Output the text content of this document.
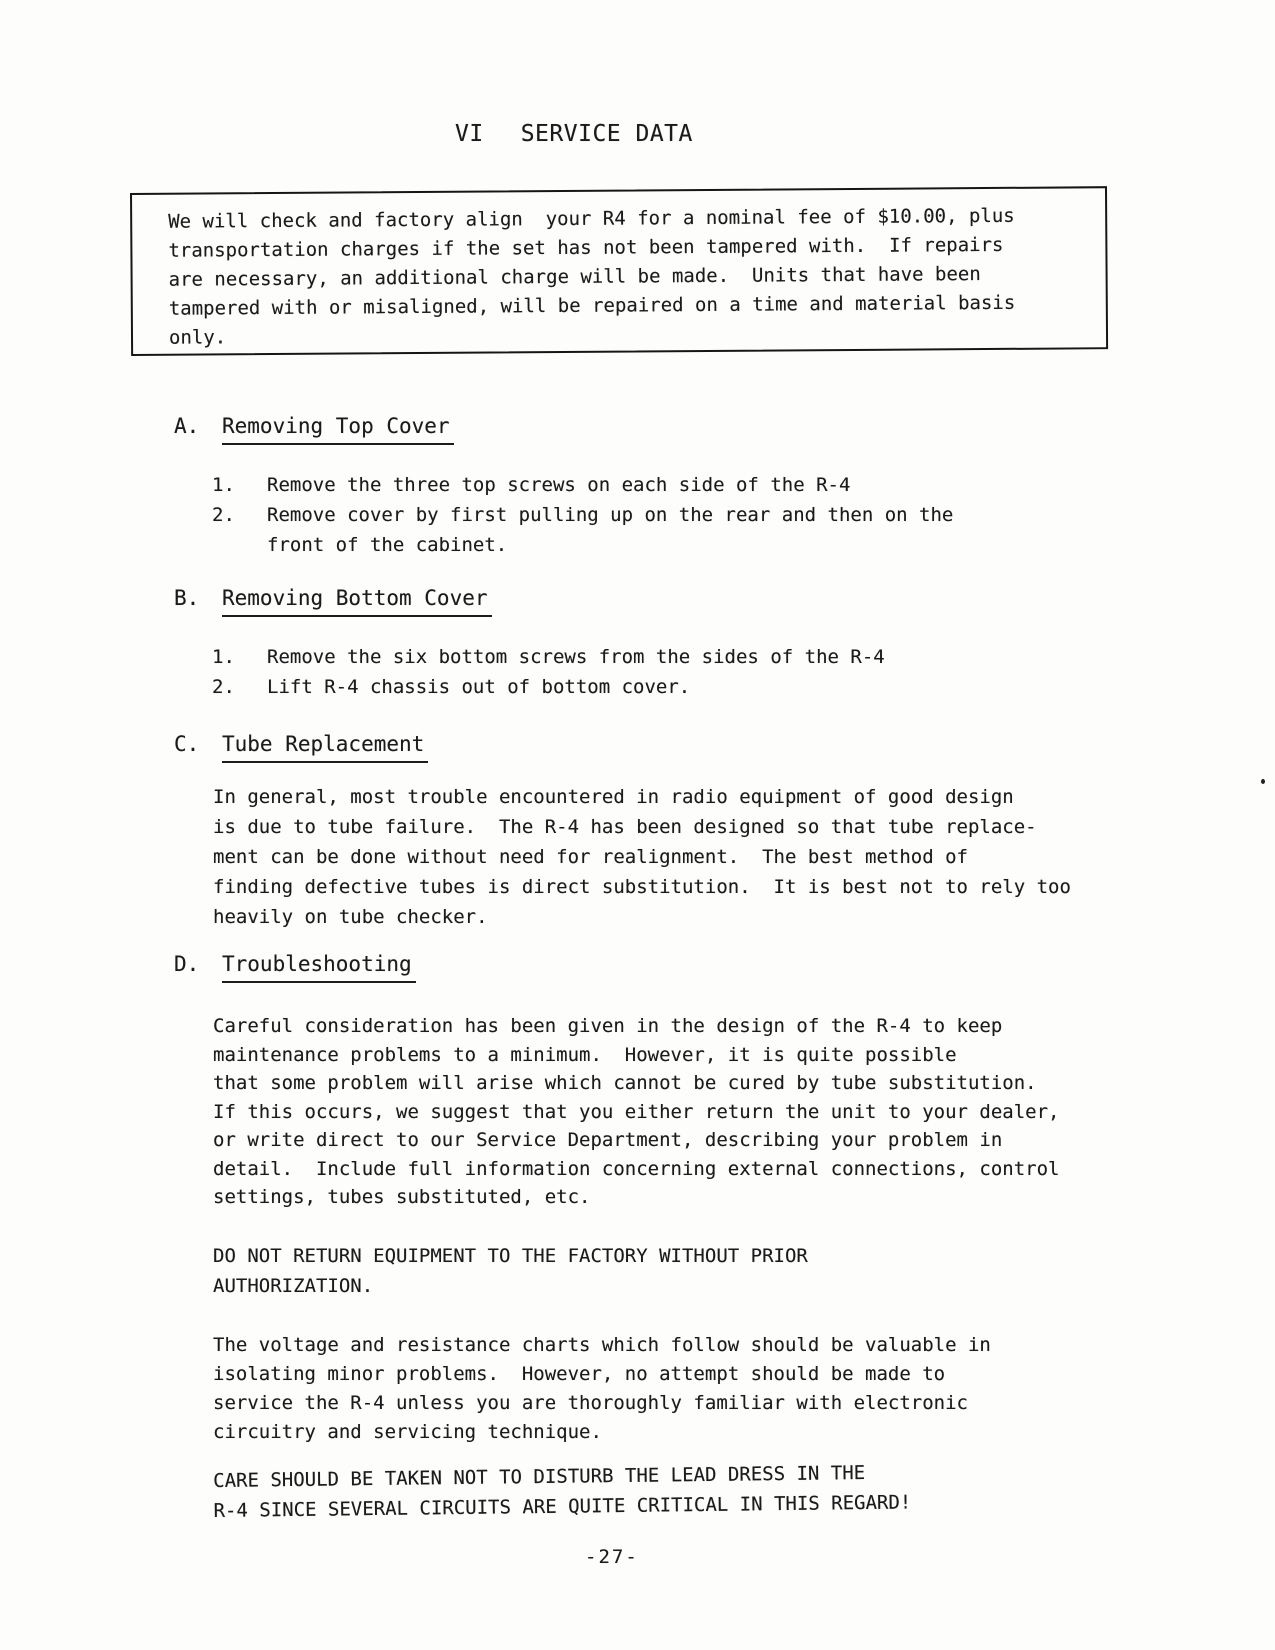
VI SERVICE DATA
We will check and factory align  your R4 for a nominal fee of $10.00, plus
transportation charges if the set has not been tampered with.  If repairs
are necessary, an additional charge will be made.  Units that have been
tampered with or misaligned, will be repaired on a time and material basis
only.
A.	Removing Top Cover
1.	Remove the three top screws on each side of the R-4
2.	Remove cover by first pulling up on the rear and then on the
front of the cabinet.
B.	Removing Bottom Cover
1.	Remove the six bottom screws from the sides of the R-4
2.	Lift R-4 chassis out of bottom cover.
C.	Tube Replacement
In general, most trouble encountered in radio equipment of good design
is due to tube failure.  The R-4 has been designed so that tube replace-
ment can be done without need for realignment.  The best method of
finding defective tubes is direct substitution.  It is best not to rely too
heavily on tube checker.
D.	Troubleshooting
Careful consideration has been given in the design of the R-4 to keep
maintenance problems to a minimum.  However, it is quite possible
that some problem will arise which cannot be cured by tube substitution.
If this occurs, we suggest that you either return the unit to your dealer,
or write direct to our Service Department, describing your problem in
detail.  Include full information concerning external connections, control
settings, tubes substituted, etc.
DO NOT RETURN EQUIPMENT TO THE FACTORY WITHOUT PRIOR
AUTHORIZATION.
The voltage and resistance charts which follow should be valuable in
isolating minor problems.  However, no attempt should be made to
service the R-4 unless you are thoroughly familiar with electronic
circuitry and servicing technique.
CARE SHOULD BE TAKEN NOT TO DISTURB THE LEAD DRESS IN THE
R-4 SINCE SEVERAL CIRCUITS ARE QUITE CRITICAL IN THIS REGARD!
-27-
